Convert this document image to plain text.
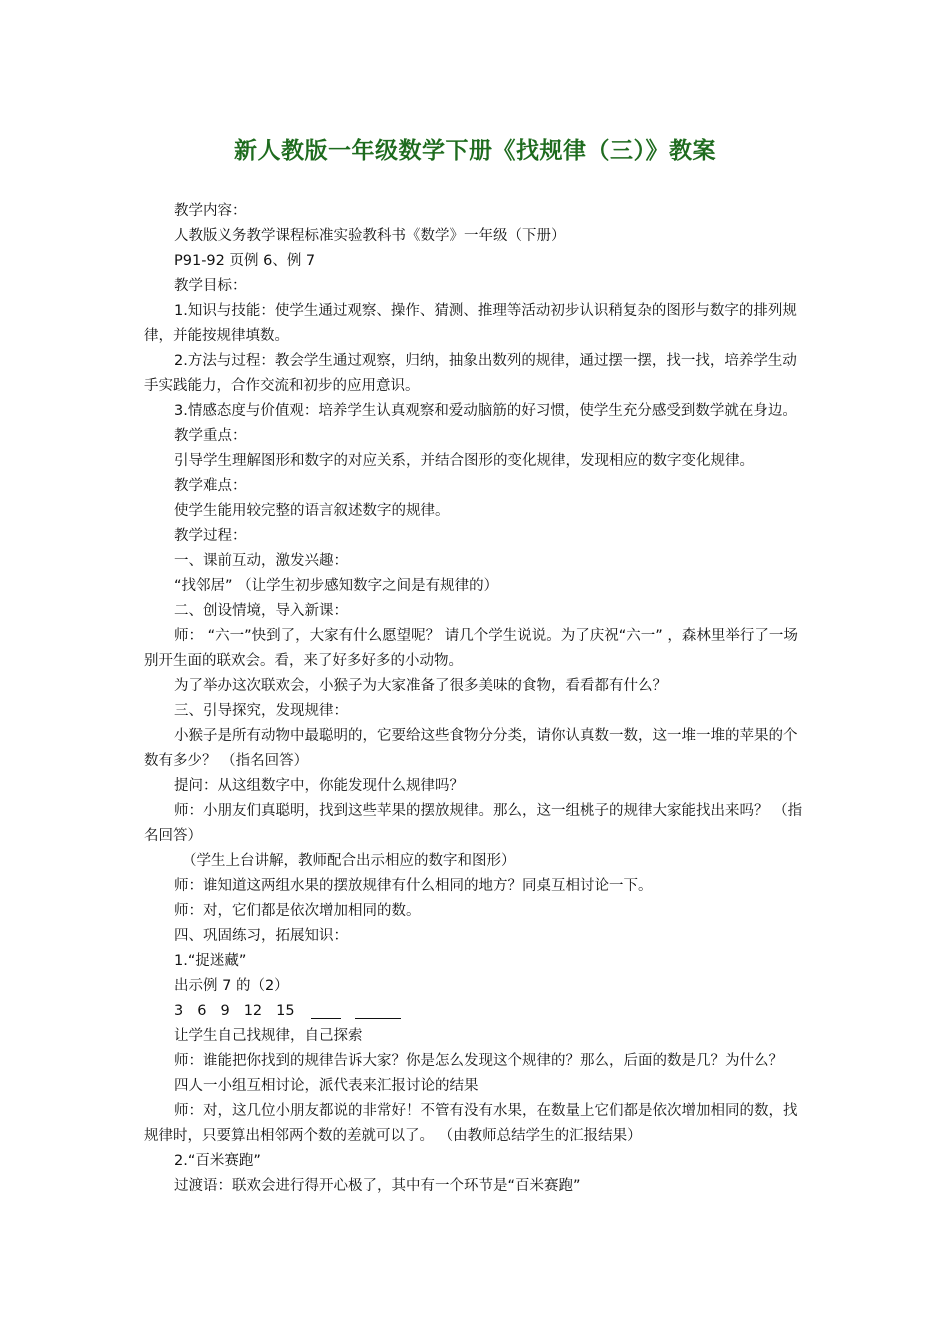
新人教版一年级数学下册《找规律（三）》教案

教学内容：

人教版义务教学课程标准实验教科书《数学》一年级（下册）

P91-92 页例 6、例 7

教学目标：

1.知识与技能：使学生通过观察、操作、猜测、推理等活动初步认识稍复杂的图形与数字的排列规律，并能按规律填数。

2.方法与过程：教会学生通过观察，归纳，抽象出数列的规律，通过摆一摆，找一找，培养学生动手实践能力，合作交流和初步的应用意识。

3.情感态度与价值观：培养学生认真观察和爱动脑筋的好习惯，使学生充分感受到数学就在身边。

教学重点：

引导学生理解图形和数字的对应关系，并结合图形的变化规律，发现相应的数字变化规律。

教学难点：

使学生能用较完整的语言叙述数字的规律。

教学过程：

一、课前互动，激发兴趣：

“找邻居” （让学生初步感知数字之间是有规律的）

二、创设情境，导入新课：

师： “六一”快到了，大家有什么愿望呢？ 请几个学生说说。为了庆祝“六一” ，森林里举行了一场别开生面的联欢会。看，来了好多好多的小动物。

为了举办这次联欢会，小猴子为大家准备了很多美味的食物，看看都有什么？

三、引导探究，发现规律：

小猴子是所有动物中最聪明的，它要给这些食物分分类，请你认真数一数，这一堆一堆的苹果的个数有多少？ （指名回答）

提问：从这组数字中，你能发现什么规律吗？

师：小朋友们真聪明，找到这些苹果的摆放规律。那么，这一组桃子的规律大家能找出来吗？ （指名回答）

（学生上台讲解，教师配合出示相应的数字和图形）

师：谁知道这两组水果的摆放规律有什么相同的地方？同桌互相讨论一下。

师：对，它们都是依次增加相同的数。

四、巩固练习，拓展知识：

1.“捉迷藏”

出示例 7 的（2）

3 6 9 12 15

让学生自己找规律，自己探索

师：谁能把你找到的规律告诉大家？你是怎么发现这个规律的？那么，后面的数是几？为什么？

四人一小组互相讨论，派代表来汇报讨论的结果

师：对，这几位小朋友都说的非常好！不管有没有水果，在数量上它们都是依次增加相同的数，找规律时，只要算出相邻两个数的差就可以了。 （由教师总结学生的汇报结果）

2.“百米赛跑”

过渡语：联欢会进行得开心极了，其中有一个环节是“百米赛跑”
